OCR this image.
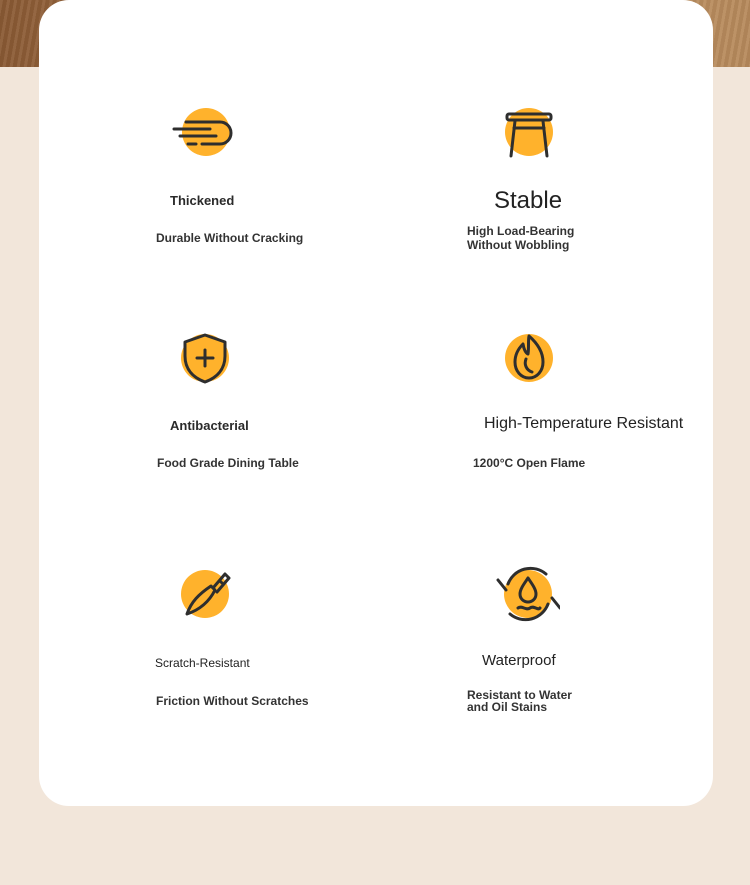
Thickened
Durable Without Cracking
Stable
High Load-Bearing Without Wobbling
Antibacterial
Food Grade Dining Table
High-Temperature Resistant
1200°C Open Flame
Scratch-Resistant
Friction Without Scratches
Waterproof
Resistant to Water and Oil Stains
